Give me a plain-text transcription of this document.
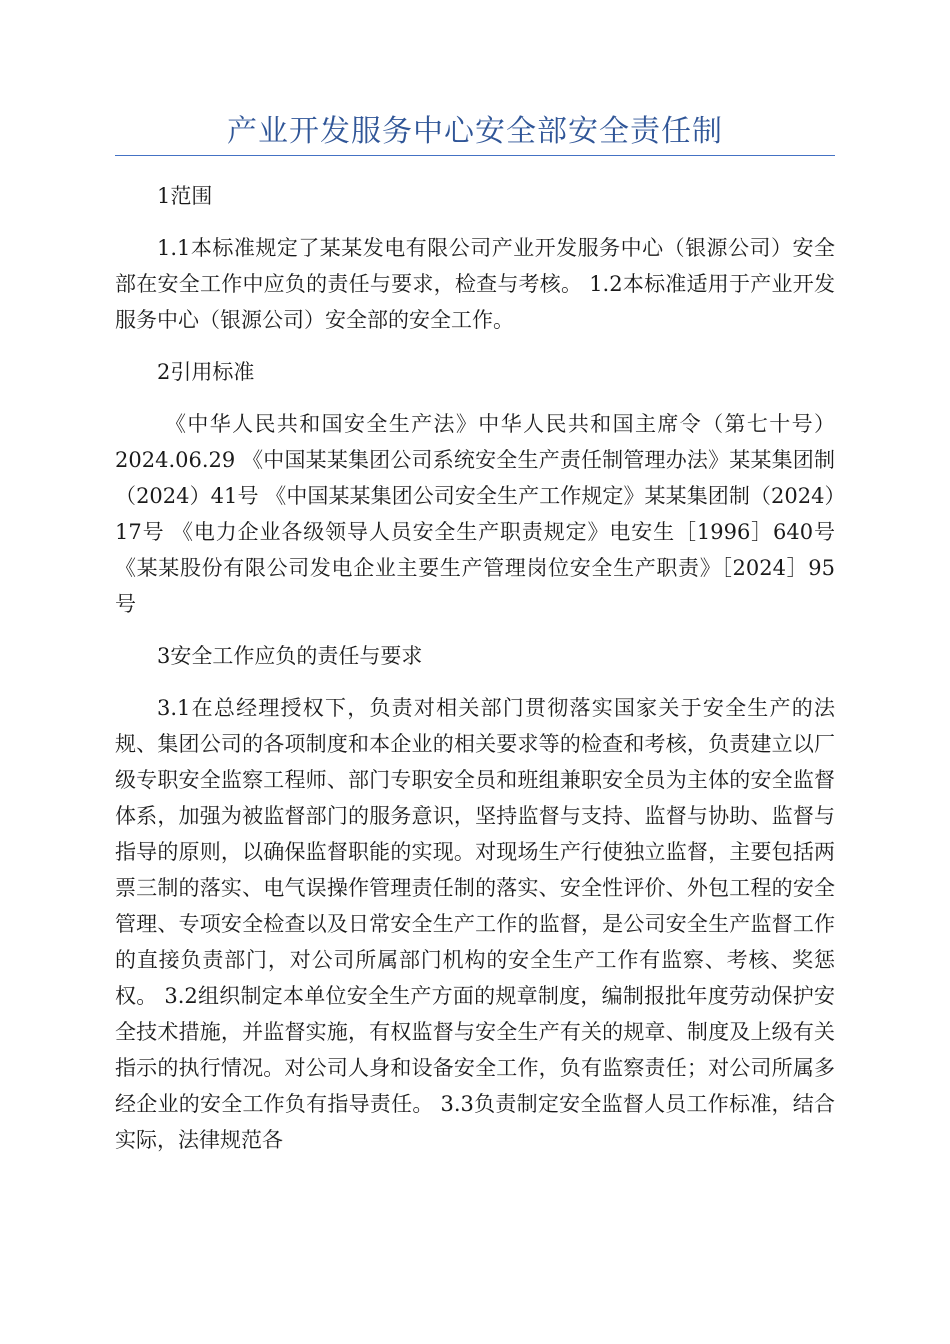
产业开发服务中心安全部安全责任制

1范围

1.1本标准规定了某某发电有限公司产业开发服务中心（银源公司）安全部在安全工作中应负的责任与要求，检查与考核。 1.2本标准适用于产业开发服务中心（银源公司）安全部的安全工作。

2引用标准

《中华人民共和国安全生产法》中华人民共和国主席令（第七十号）2024.06.29 《中国某某集团公司系统安全生产责任制管理办法》某某集团制（2024）41号 《中国某某集团公司安全生产工作规定》某某集团制（2024）17号 《电力企业各级领导人员安全生产职责规定》电安生［1996］640号 《某某股份有限公司发电企业主要生产管理岗位安全生产职责》［2024］95号

3安全工作应负的责任与要求

3.1在总经理授权下，负责对相关部门贯彻落实国家关于安全生产的法规、集团公司的各项制度和本企业的相关要求等的检查和考核，负责建立以厂级专职安全监察工程师、部门专职安全员和班组兼职安全员为主体的安全监督体系，加强为被监督部门的服务意识，坚持监督与支持、监督与协助、监督与指导的原则，以确保监督职能的实现。对现场生产行使独立监督，主要包括两票三制的落实、电气误操作管理责任制的落实、安全性评价、外包工程的安全管理、专项安全检查以及日常安全生产工作的监督，是公司安全生产监督工作的直接负责部门，对公司所属部门机构的安全生产工作有监察、考核、奖惩权。 3.2组织制定本单位安全生产方面的规章制度，编制报批年度劳动保护安全技术措施，并监督实施，有权监督与安全生产有关的规章、制度及上级有关指示的执行情况。对公司人身和设备安全工作，负有监察责任；对公司所属多经企业的安全工作负有指导责任。 3.3负责制定安全监督人员工作标准，结合实际，法律规范各
